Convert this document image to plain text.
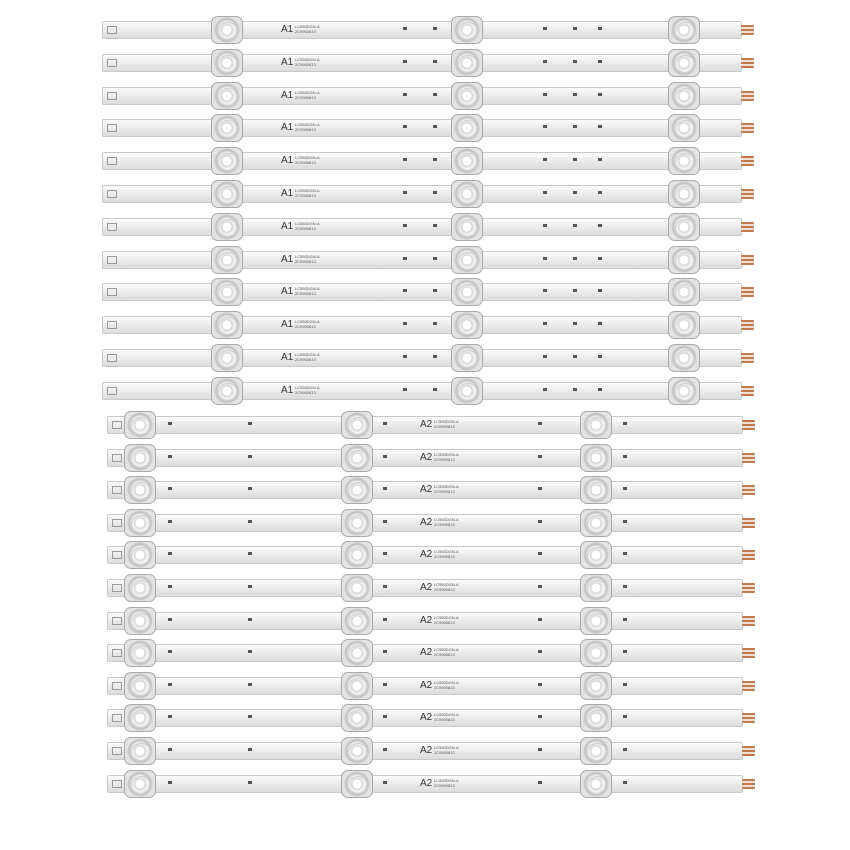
A1 LC550DGN-A
2C9900813
A1 LC550DGN-A
2C9900813
A1 LC550DGN-A
2C9900813
A1 LC550DGN-A
2C9900813
A1 LC550DGN-A
2C9900813
A1 LC550DGN-A
2C9900813
A1 LC550DGN-A
2C9900813
A1 LC550DGN-A
2C9900813
A1 LC550DGN-A
2C9900813
A1 LC550DGN-A
2C9900813
A1 LC550DGN-A
2C9900813
A1 LC550DGN-A
2C9900813
A2 LC550DGN-A
2C9900813
A2 LC550DGN-A
2C9900813
A2 LC550DGN-A
2C9900813
A2 LC550DGN-A
2C9900813
A2 LC550DGN-A
2C9900813
A2 LC550DGN-A
2C9900813
A2 LC550DGN-A
2C9900813
A2 LC550DGN-A
2C9900813
A2 LC550DGN-A
2C9900813
A2 LC550DGN-A
2C9900813
A2 LC550DGN-A
2C9900813
A2 LC550DGN-A
2C9900813
